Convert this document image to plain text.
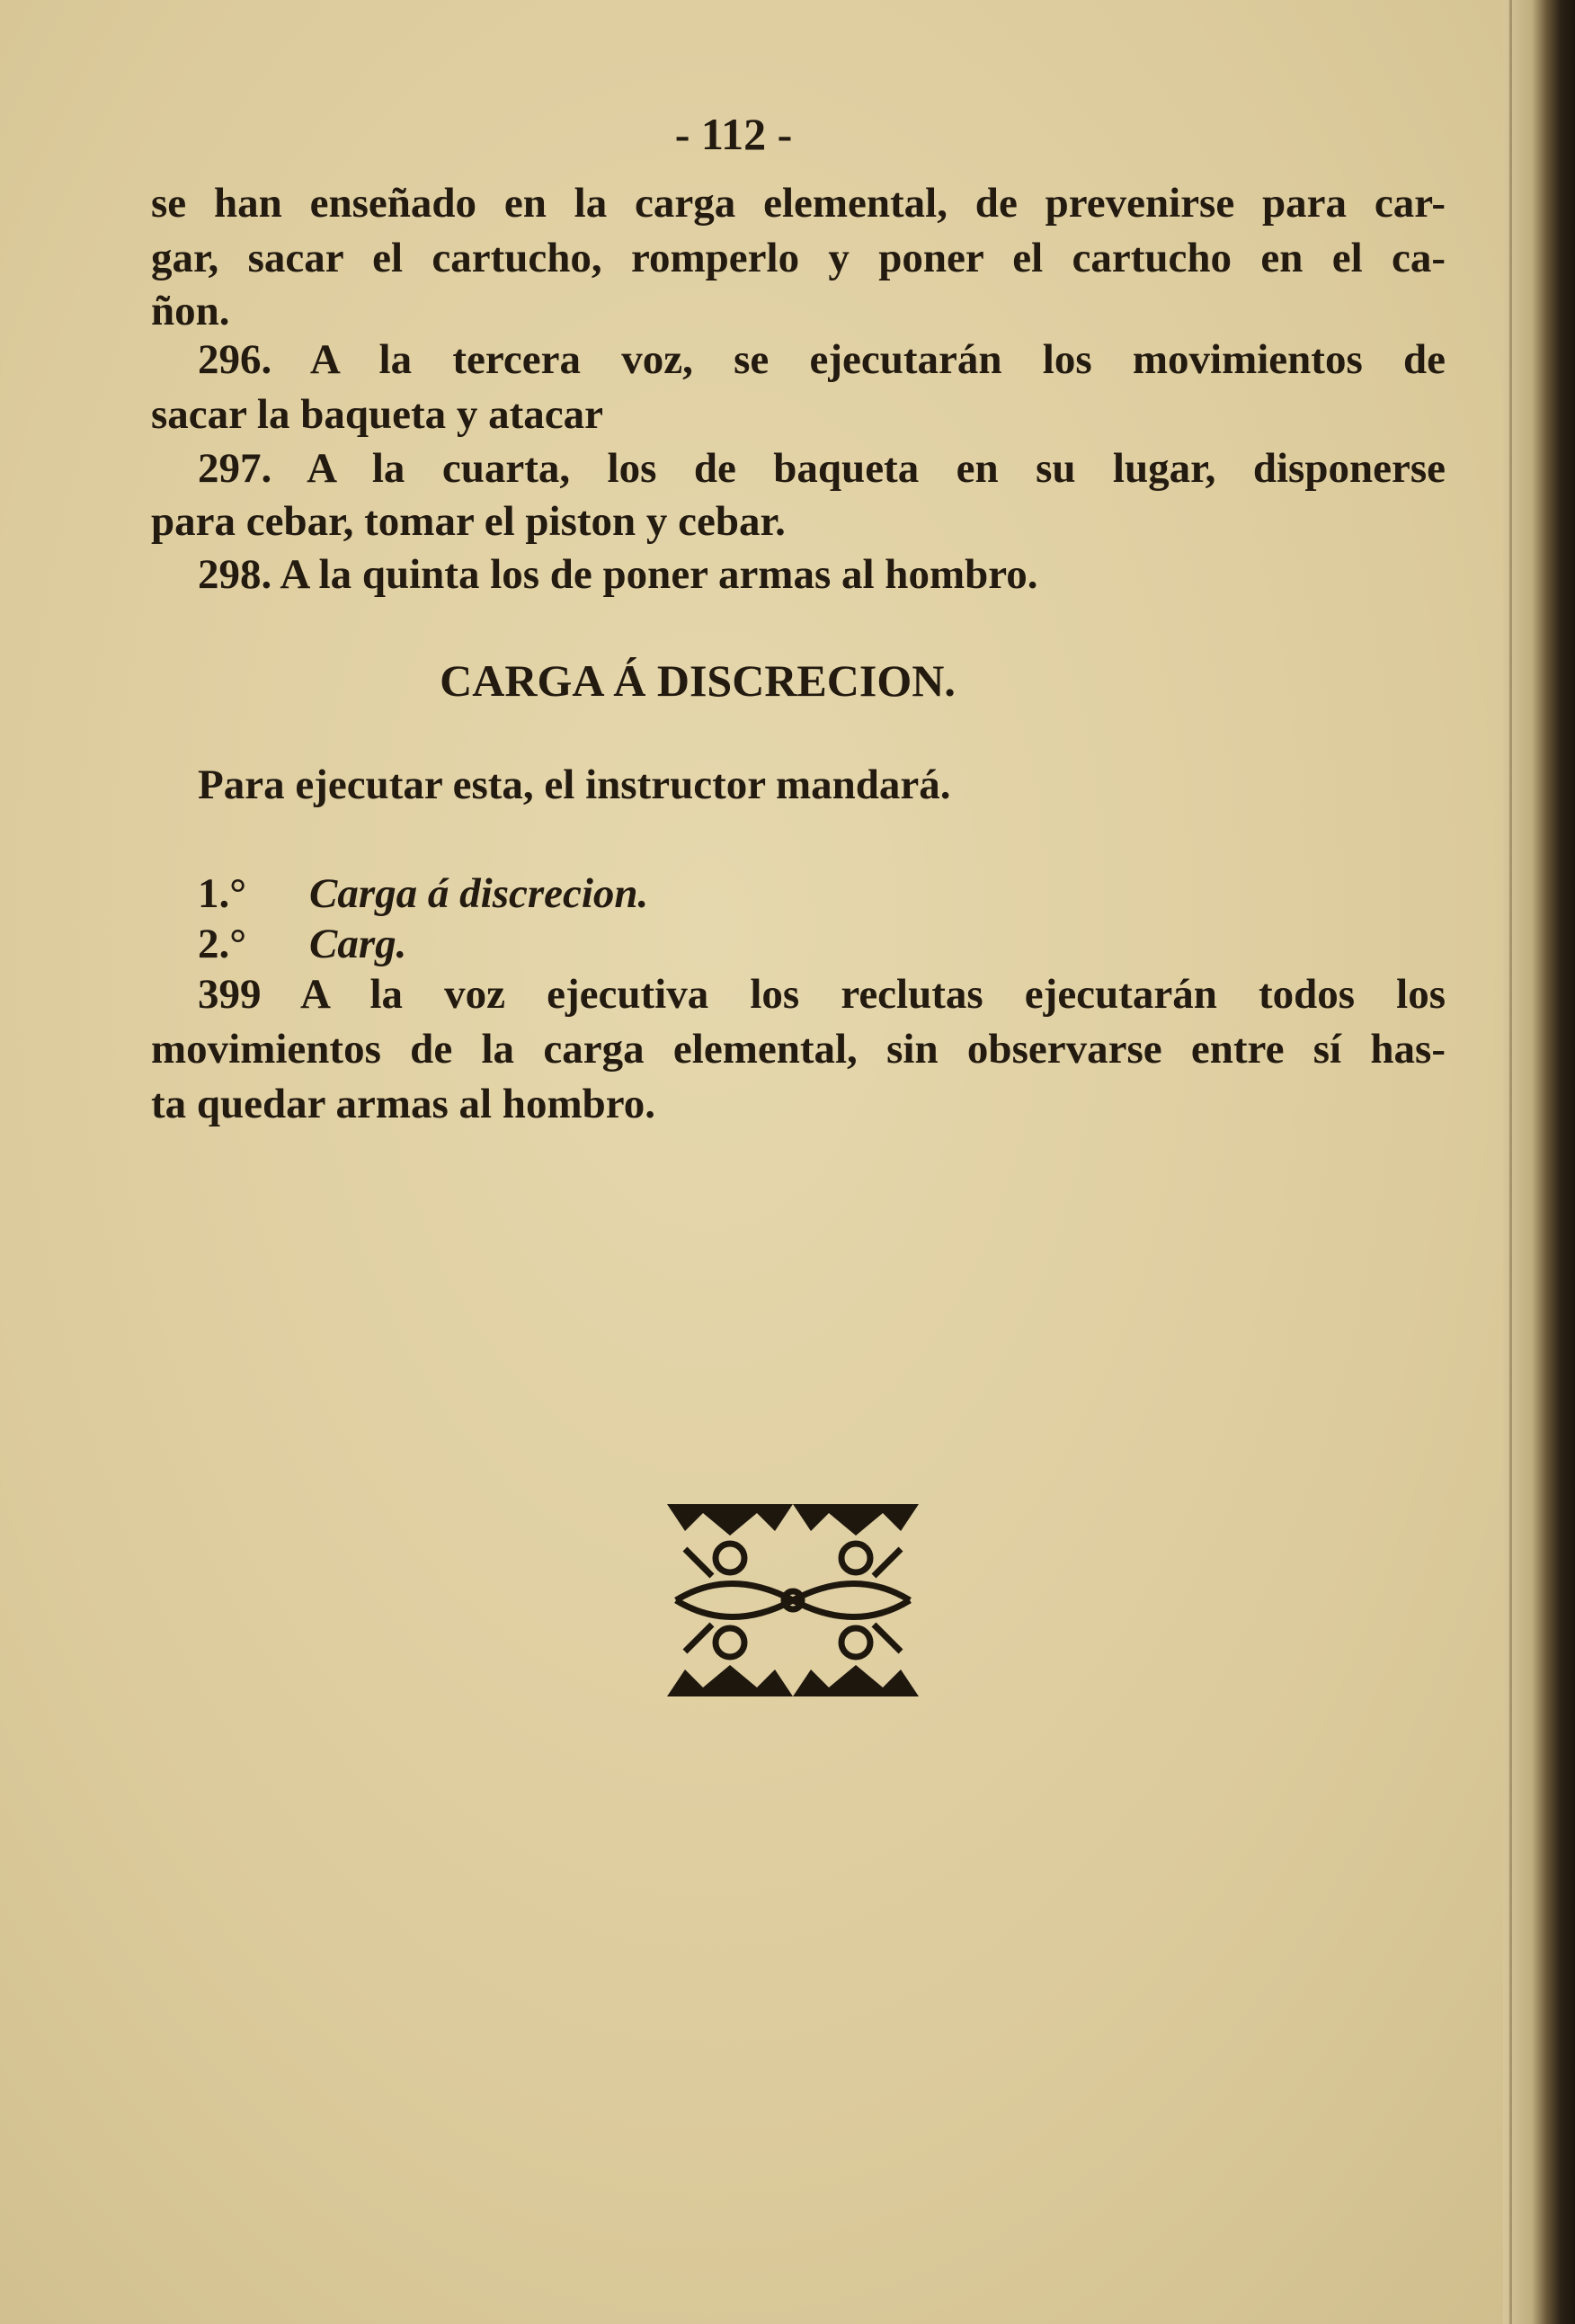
- 112 -
se han enseñado en la carga elemental, de prevenirse para car-
gar, sacar el cartucho, romperlo y poner el cartucho en el ca-
ñon.
296. A la tercera voz, se ejecutarán los movimientos de
sacar la baqueta y atacar
297. A la cuarta, los de baqueta en su lugar, disponerse
para cebar, tomar el piston y cebar.
298. A la quinta los de poner armas al hombro.
CARGA Á DISCRECION.
Para ejecutar esta, el instructor mandará.
1.° Carga á discrecion.
2.° Carg.
399 A la voz ejecutiva los reclutas ejecutarán todos los
movimientos de la carga elemental, sin observarse entre sí has-
ta quedar armas al hombro.
